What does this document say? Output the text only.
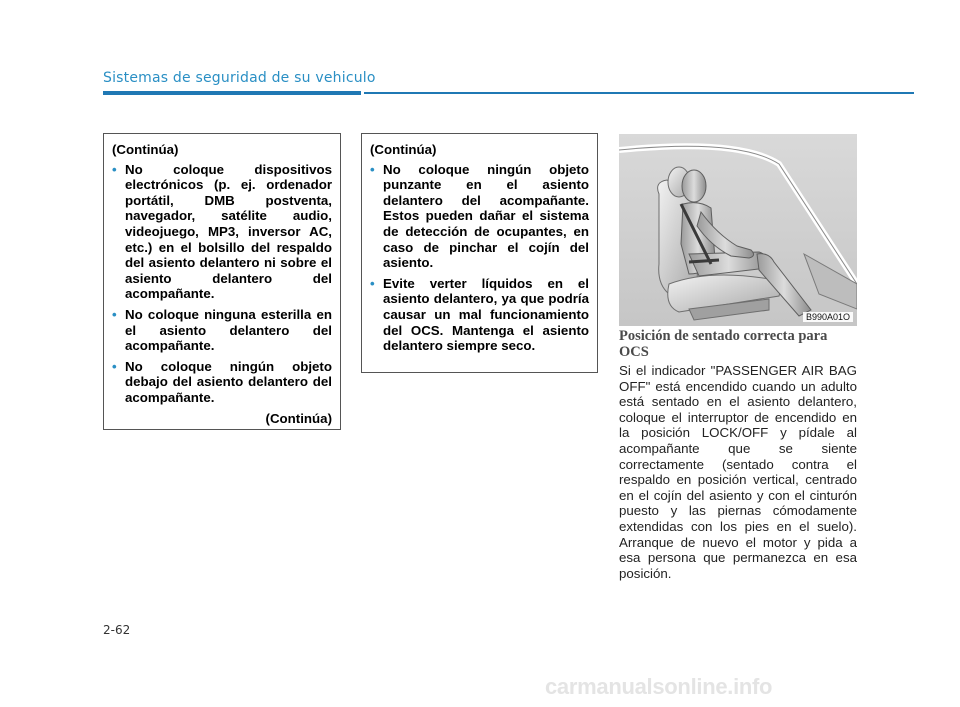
Sistemas de seguridad de su vehiculo
(Continúa)
• No coloque dispositivos electrónicos (p. ej. ordenador portátil, DMB postventa, navegador, satélite audio, videojuego, MP3, inversor AC, etc.) en el bolsillo del respaldo del asiento delantero ni sobre el asiento delantero del acompañante.
• No coloque ninguna esterilla en el asiento delantero del acompañante.
• No coloque ningún objeto debajo del asiento delantero del acompañante.
(Continúa)
(Continúa)
• No coloque ningún objeto punzante en el asiento delantero del acompañante. Estos pueden dañar el sistema de detección de ocupantes, en caso de pinchar el cojín del asiento.
• Evite verter líquidos en el asiento delantero, ya que podría causar un mal funcionamiento del OCS. Mantenga el asiento delantero siempre seco.
B990A01O
Posición de sentado correcta para OCS
Si el indicador "PASSENGER AIR BAG OFF" está encendido cuando un adulto está sentado en el asiento delantero, coloque el interruptor de encendido en la posición LOCK/OFF y pídale al acompañante que se siente correctamente (sentado contra el respaldo en posición vertical, centrado en el cojín del asiento y con el cinturón puesto y las piernas cómodamente extendidas con los pies en el suelo). Arranque de nuevo el motor y pida a esa persona que permanezca en esa posición.
2-62
carmanualsonline.info
